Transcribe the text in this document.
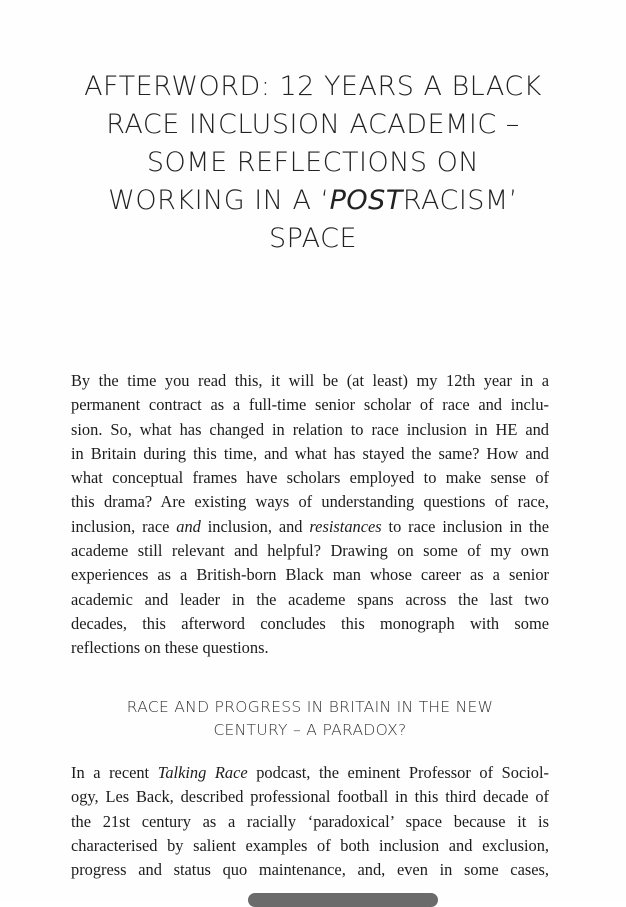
AFTERWORD: 12 YEARS A BLACK
RACE INCLUSION ACADEMIC –
SOME REFLECTIONS ON
WORKING IN A ‘POSTRACISM’
SPACE
By the time you read this, it will be (at least) my 12th year in a
permanent contract as a full-time senior scholar of race and inclu-
sion. So, what has changed in relation to race inclusion in HE and
in Britain during this time, and what has stayed the same? How and
what conceptual frames have scholars employed to make sense of
this drama? Are existing ways of understanding questions of race,
inclusion, race and inclusion, and resistances to race inclusion in the
academe still relevant and helpful? Drawing on some of my own
experiences as a British-born Black man whose career as a senior
academic and leader in the academe spans across the last two
decades, this afterword concludes this monograph with some
reflections on these questions.
RACE AND PROGRESS IN BRITAIN IN THE NEW
CENTURY – A PARADOX?
In a recent Talking Race podcast, the eminent Professor of Sociol-
ogy, Les Back, described professional football in this third decade of
the 21st century as a racially ‘paradoxical’ space because it is
characterised by salient examples of both inclusion and exclusion,
progress and status quo maintenance, and, even in some cases,
